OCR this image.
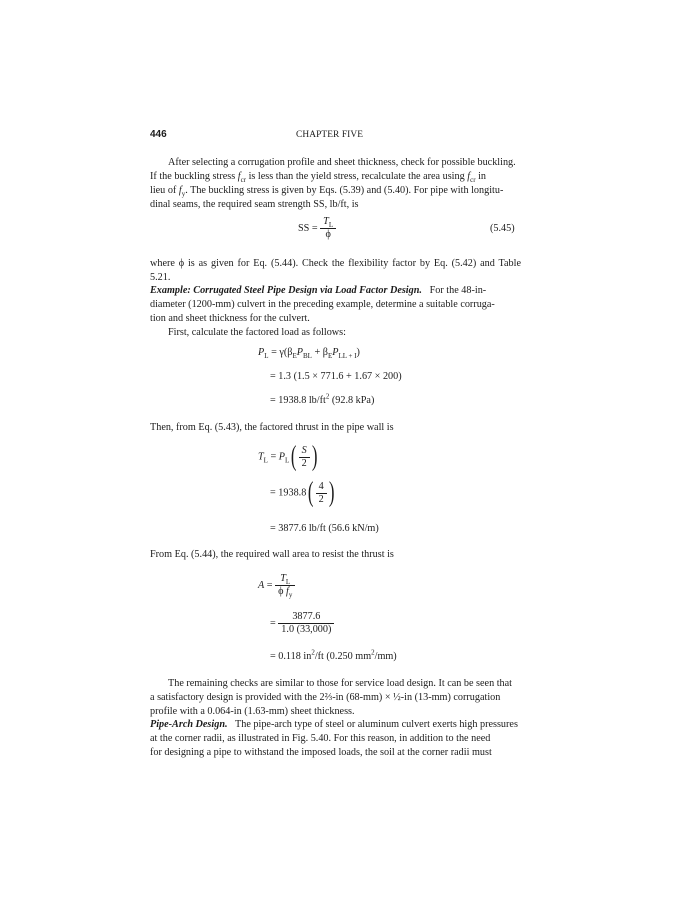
446	CHAPTER FIVE
After selecting a corrugation profile and sheet thickness, check for possible buckling.
If the buckling stress $f_{cr}$ is less than the yield stress, recalculate the area using $f_{cr}$ in
lieu of $f_y$. The buckling stress is given by Eqs. (5.39) and (5.40). For pipe with longitu-
dinal seams, the required seam strength SS, lb/ft, is
SS = $\frac{T_L}{\phi}$	(5.45)
where ϕ is as given for Eq. (5.44). Check the flexibility factor by Eq. (5.42) and Table 5.21.
Example: Corrugated Steel Pipe Design via Load Factor Design. For the 48-in-
diameter (1200-mm) culvert in the preceding example, determine a suitable corruga-
tion and sheet thickness for the culvert.
First, calculate the factored load as follows:
$P_L = \gamma(\beta_EP_{BL} + \beta_EP_{LL + I})$
= 1.3 (1.5 × 771.6 + 1.67 × 200)
= 1938.8 $lb/ft^2$ (92.8 kPa)
Then, from Eq. (5.43), the factored thrust in the pipe wall is
$T_L = P_L( \frac{S}{2}$ )
= $1938.8( \frac{4}{2}$ )
= 3877.6 lb/ft (56.6 kN/m)
From Eq. (5.44), the required wall area to resist the thrust is
$A = \frac{T_L}{\phi f_y}$
= $\frac{3877.6}{1.0 (33,000)}$
= 0.118 $in^2/ft$ (0.250 $mm^2/mm$)
The remaining checks are similar to those for service load design. It can be seen that
a satisfactory design is provided with the 2⅔-in (68-mm) × ½-in (13-mm) corrugation
profile with a 0.064-in (1.63-mm) sheet thickness.
Pipe-Arch Design. The pipe-arch type of steel or aluminum culvert exerts high pressures
at the corner radii, as illustrated in Fig. 5.40. For this reason, in addition to the need
for designing a pipe to withstand the imposed loads, the soil at the corner radii must
